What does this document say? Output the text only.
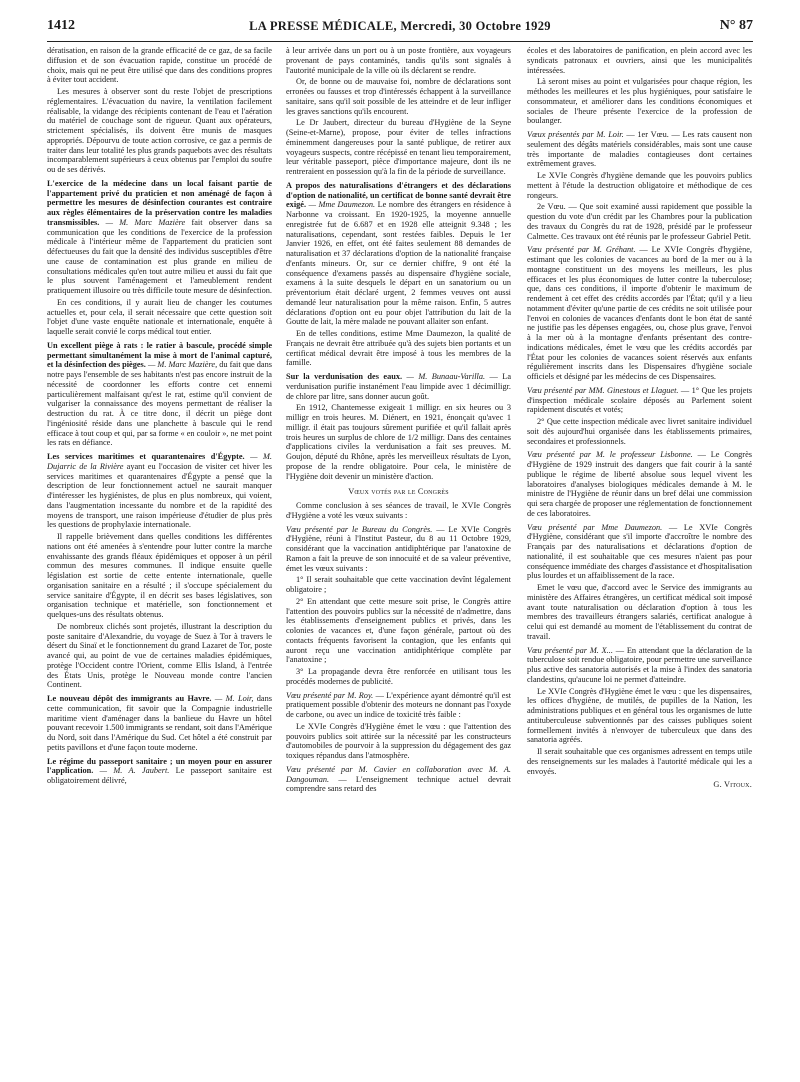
1412	LA PRESSE MÉDICALE, Mercredi, 30 Octobre 1929	N° 87

dératisation, en raison de la grande efficacité de ce gaz, de sa facile diffusion et de son évacuation rapide, constitue un procédé de choix, mais qui ne peut être utilisé que dans des conditions propres à éviter tout accident.

Les mesures à observer sont du reste l'objet de prescriptions réglementaires. L'évacuation du navire, la ventilation facilement réalisable, la vidange des récipients contenant de l'eau et l'aération du matériel de couchage sont de rigueur. Quant aux opérateurs, strictement spécialisés, ils doivent être munis de masques appropriés. Dépourvu de toute action corrosive, ce gaz a permis de traiter dans leur totalité les plus grands paquebots avec des résultats incomparablement supérieurs à ceux obtenus par l'emploi du soufre ou de ses dérivés.

L'exercice de la médecine dans un local faisant partie de l'appartement privé du praticien et non aménagé de façon à permettre les mesures de désinfection courantes est contraire aux règles élémentaires de la préservation contre les maladies transmissibles. — M. Marc Mazière fait observer dans sa communication que les conditions de l'exercice de la profession médicale à l'intérieur même de l'appartement du praticien sont défectueuses du fait que la densité des individus susceptibles d'être une cause de contamination est plus grande en milieu de consultations médicales qu'en tout autre milieu et aussi du fait que le plus souvent l'aménagement et l'ameublement rendent pratiquement illusoire ou très difficile toute mesure de désinfection.

En ces conditions, il y aurait lieu de changer les coutumes actuelles et, pour cela, il serait nécessaire que cette question soit l'objet d'une vaste enquête nationale et internationale, enquête à laquelle serait convié le corps médical tout entier.

Un excellent piège à rats : le ratier à bascule, procédé simple permettant simultanément la mise à mort de l'animal capturé, et la désinfection des pièges. — M. Marc Mazière, du fait que dans notre pays l'ensemble de ses habitants n'est pas encore instruit de la nécessité de coordonner les efforts contre cet ennemi particulièrement malfaisant qu'est le rat, estime qu'il convient de vulgariser la connaissance des moyens permettant de réaliser la destruction du rat. À ce titre donc, il décrit un piège dont l'ingéniosité réside dans une planchette à bascule qui le rend efficace à tout coup et qui, par sa forme « en couloir », ne met point les rats en défiance.

Les services maritimes et quarantenaires d'Égypte. — M. Dujarric de la Rivière ayant eu l'occasion de visiter cet hiver les services maritimes et quarantenaires d'Égypte a pensé que la description de leur fonctionnement actuel ne saurait manquer d'intéresser les hygiénistes, de plus en plus nombreux, qui voient, dans l'augmentation incessante du nombre et de la rapidité des moyens de transport, une raison impérieuse d'étudier de plus près les questions de prophylaxie internationale.

Il rappelle brièvement dans quelles conditions les différentes nations ont été amenées à s'entendre pour lutter contre la marche envahissante des grands fléaux épidémiques et opposer à un péril commun des mesures communes. Il indique ensuite quelle législation est sortie de cette entente internationale, quelle organisation sanitaire en a résulté ; il s'occupe spécialement du service sanitaire d'Égypte, il en décrit ses bases législatives, son organisation technique et matérielle, son fonctionnement et quelques-uns des résultats obtenus.

De nombreux clichés sont projetés, illustrant la description du poste sanitaire d'Alexandrie, du voyage de Suez à Tor à travers le désert du Sinaï et le fonctionnement du grand Lazaret de Tor, poste avancé qui, au point de vue de certaines maladies épidémiques, protège l'Occident contre l'Orient, comme Ellis Island, à l'entrée des États Unis, protège le Nouveau monde contre l'ancien Continent.

Le nouveau dépôt des immigrants au Havre. — M. Loir, dans cette communication, fit savoir que la Compagnie industrielle maritime vient d'aménager dans la banlieue du Havre un hôtel pouvant recevoir 1.500 immigrants se rendant, soit dans l'Amérique du Nord, soit dans l'Amérique du Sud. Cet hôtel a été construit par petits pavillons et d'une façon toute moderne.

Le régime du passeport sanitaire ; un moyen pour en assurer l'application. — M. A. Jaubert. Le passeport sanitaire est obligatoirement délivré,

à leur arrivée dans un port ou à un poste frontière, aux voyageurs provenant de pays contaminés, tandis qu'ils sont signalés à l'autorité municipale de la ville où ils déclarent se rendre.

Or, de bonne ou de mauvaise foi, nombre de déclarations sont erronées ou fausses et trop d'intéressés échappent à la surveillance sanitaire, sans qu'il soit possible de les atteindre et de leur infliger les graves sanctions qu'ils encourent.

Le Dr Jaubert, directeur du bureau d'Hygiène de la Seyne (Seine-et-Marne), propose, pour éviter de telles infractions éminemment dangereuses pour la santé publique, de retirer aux voyageurs suspects, contre récépissé en tenant lieu temporairement, leur véritable passeport, pièce d'importance majeure, dont ils ne rentreraient en possession qu'à la fin de la période de surveillance.

A propos des naturalisations d'étrangers et des déclarations d'option de nationalité, un certificat de bonne santé devrait être exigé. — Mme Daumezon. Le nombre des étrangers en résidence à Narbonne va croissant. En 1920-1925, la moyenne annuelle enregistrée fut de 6.687 et en 1928 elle atteignit 9.348 ; les naturalisations, cependant, sont restées faibles. Depuis le 1er Janvier 1926, en effet, ont été faites seulement 88 demandes de naturalisation et 37 déclarations d'option de la nationalité française d'enfants mineurs. Or, sur ce dernier chiffre, 9 ont été la conséquence d'examens passés au dispensaire d'hygiène sociale, examens à la suite desquels le départ en un sanatorium ou un préventorium était déclaré urgent, 2 femmes veuves ont aussi demandé leur naturalisation pour la même raison. Enfin, 5 autres déclarations d'option ont eu pour objet l'attribution du lait de la Goutte de lait, la mère malade ne pouvant allaiter son enfant.

En de telles conditions, estime Mme Daumezon, la qualité de Français ne devrait être attribuée qu'à des sujets bien portants et un certificat médical devrait être imposé à tous les membres de la famille.

Sur la verdunisation des eaux. — M. Bunaau-Varilla. — La verdunisation purifie instanément l'eau limpide avec 1 décimilligr. de chlore par litre, sans donner aucun goût.

En 1912, Chantemesse exigeait 1 milligr. en six heures ou 3 milligr en trois heures. M. Diénert, en 1921, énonçait qu'avec 1 milligr. il était pas toujours sûrement purifiée et qu'il fallait après trois heures un surplus de chlore de 1/2 milligr. Dans des centaines d'applications civiles la verdunisation a fait ses preuves. M. Goujon, député du Rhône, après les merveilleux résultats de Lyon, propose de la rendre obligatoire. Pour cela, le ministère de l'Hygiène doit devenir un ministère d'action.

Vœux votés par le Congrès

Comme conclusion à ses séances de travail, le XVIe Congrès d'Hygiène a voté les vœux suivants :

Vœu présenté par le Bureau du Congrès. — Le XVIe Congrès d'Hygiène, réuni à l'Institut Pasteur, du 8 au 11 Octobre 1929, considérant que la vaccination antidiphtérique par l'anatoxine de Ramon a fait la preuve de son innocuité et de sa valeur préventive, émet les vœux suivants :

1° Il serait souhaitable que cette vaccination devînt légalement obligatoire ;

2° En attendant que cette mesure soit prise, le Congrès attire l'attention des pouvoirs publics sur la nécessité de n'admettre, dans les établissements d'enseignement publics et privés, dans les colonies de vacances et, d'une façon générale, partout où des contacts fréquents favorisent la contagion, que les enfants qui auront reçu une vaccination antidiphtérique complète par l'anatoxine ;

3° La propagande devra être renforcée en utilisant tous les procédés modernes de publicité.

Vœu présenté par M. Roy. — L'expérience ayant démontré qu'il est pratiquement possible d'obtenir des moteurs ne donnant pas l'oxyde de carbone, ou avec un indice de toxicité très faible :

Le XVIe Congrès d'Hygiène émet le vœu : que l'attention des pouvoirs publics soit attirée sur la nécessité par les constructeurs d'automobiles de pourvoir à la suppression du dégagement des gaz toxiques répandus dans l'atmosphère.

Vœu présenté par M. Cavier en collaboration avec M. A. Dangouman. — L'enseignement technique actuel devrait comprendre sans retard des

écoles et des laboratoires de panification, en plein accord avec les syndicats patronaux et ouvriers, ainsi que les municipalités intéressées.

Là seront mises au point et vulgarisées pour chaque région, les méthodes les meilleures et les plus hygiéniques, pour satisfaire le consommateur, et améliorer dans les conditions économiques et sociales de l'heure présente l'exercice de la profession de boulanger.

Vœux présentés par M. Loir. — 1er Vœu. — Les rats causent non seulement des dégâts matériels considérables, mais sont une cause très importante de maladies contagieuses dont certaines extrêmement graves.

Le XVIe Congrès d'hygiène demande que les pouvoirs publics mettent à l'étude la destruction obligatoire et méthodique de ces rongeurs.

2e Vœu. — Que soit examiné aussi rapidement que possible la question du vote d'un crédit par les Chambres pour la publication des travaux du Congrès du rat de 1928, présidé par le professeur Calmette. Ces travaux ont été réunis par le professeur Gabriel Petit.

Vœu présenté par M. Gréhant. — Le XVIe Congrès d'hygiène, estimant que les colonies de vacances au bord de la mer ou à la montagne constituent un des moyens les meilleurs, les plus efficaces et les plus économiques de lutter contre la tuberculose; que, dans ces conditions, il importe d'obtenir le maximum de rendement à cet effet des crédits accordés par l'État; qu'il y a lieu notamment d'éviter qu'une partie de ces crédits ne soit utilisée pour l'envoi en colonies de vacances d'enfants dont le bon état de santé ne justifie pas les dépenses engagées, ou, chose plus grave, l'envoi à la mer où à la montagne d'enfants présentant des contre-indications médicales, émet le vœu que les crédits accordés par l'État pour les colonies de vacances soient réservés aux enfants régulièrement inscrits dans les Dispensaires d'hygiène sociale officiels et désigné par les médecins de ces Dispensaires.

Vœu présenté par MM. Ginestous et Llaguet. — 1° Que les projets d'inspection médicale scolaire déposés au Parlement soient rapidement discutés et votés;

2° Que cette inspection médicale avec livret sanitaire individuel soit dès aujourd'hui organisée dans les établissements primaires, secondaires et professionnels.

Vœu présenté par M. le professeur Lisbonne. — Le Congrès d'Hygiène de 1929 instruit des dangers que fait courir à la santé publique le régime de liberté absolue sous lequel vivent les laboratoires d'analyses biologiques médicales demande à M. le ministre de l'Hygiène de réunir dans un bref délai une commission qui sera chargée de proposer une réglementation de fonctionnement de ces laboratoires.

Vœu présenté par Mme Daumezon. — Le XVIe Congrès d'Hygiène, considérant que s'il importe d'accroître le nombre des Français par des naturalisations et déclarations d'option de nationalité, il est souhaitable que ces mesures n'aient pas pour conséquence immédiate des charges d'assistance et d'hospitalisation plus lourdes et un affaiblissement de la race.

Emet le vœu que, d'accord avec le Service des immigrants au ministère des Affaires étrangères, un certificat médical soit imposé avant toute naturalisation ou déclaration d'option à tous les membres des travailleurs étrangers salariés, certificat analogue à celui qui est demandé au moment de l'établissement du contrat de travail.

Vœu présenté par M. X... — En attendant que la déclaration de la tuberculose soit rendue obligatoire, pour permettre une surveillance plus active des sanatoria autorisés et la mise à l'index des sanatoria clandestins, qu'aucune loi ne permet d'atteindre.

Le XVIe Congrès d'Hygiène émet le vœu : que les dispensaires, les offices d'hygiène, de mutilés, de pupilles de la Nation, les administrations publiques et en général tous les organismes de lutte antituberculeuse subventionnés par des caisses publiques soient formellement invités à n'envoyer de tuberculeux que dans des sanatoria agréés.

Il serait souhaitable que ces organismes adressent en temps utile des renseignements sur les malades à l'autorité médicale qui les a envoyés.

G. Vitoux.
